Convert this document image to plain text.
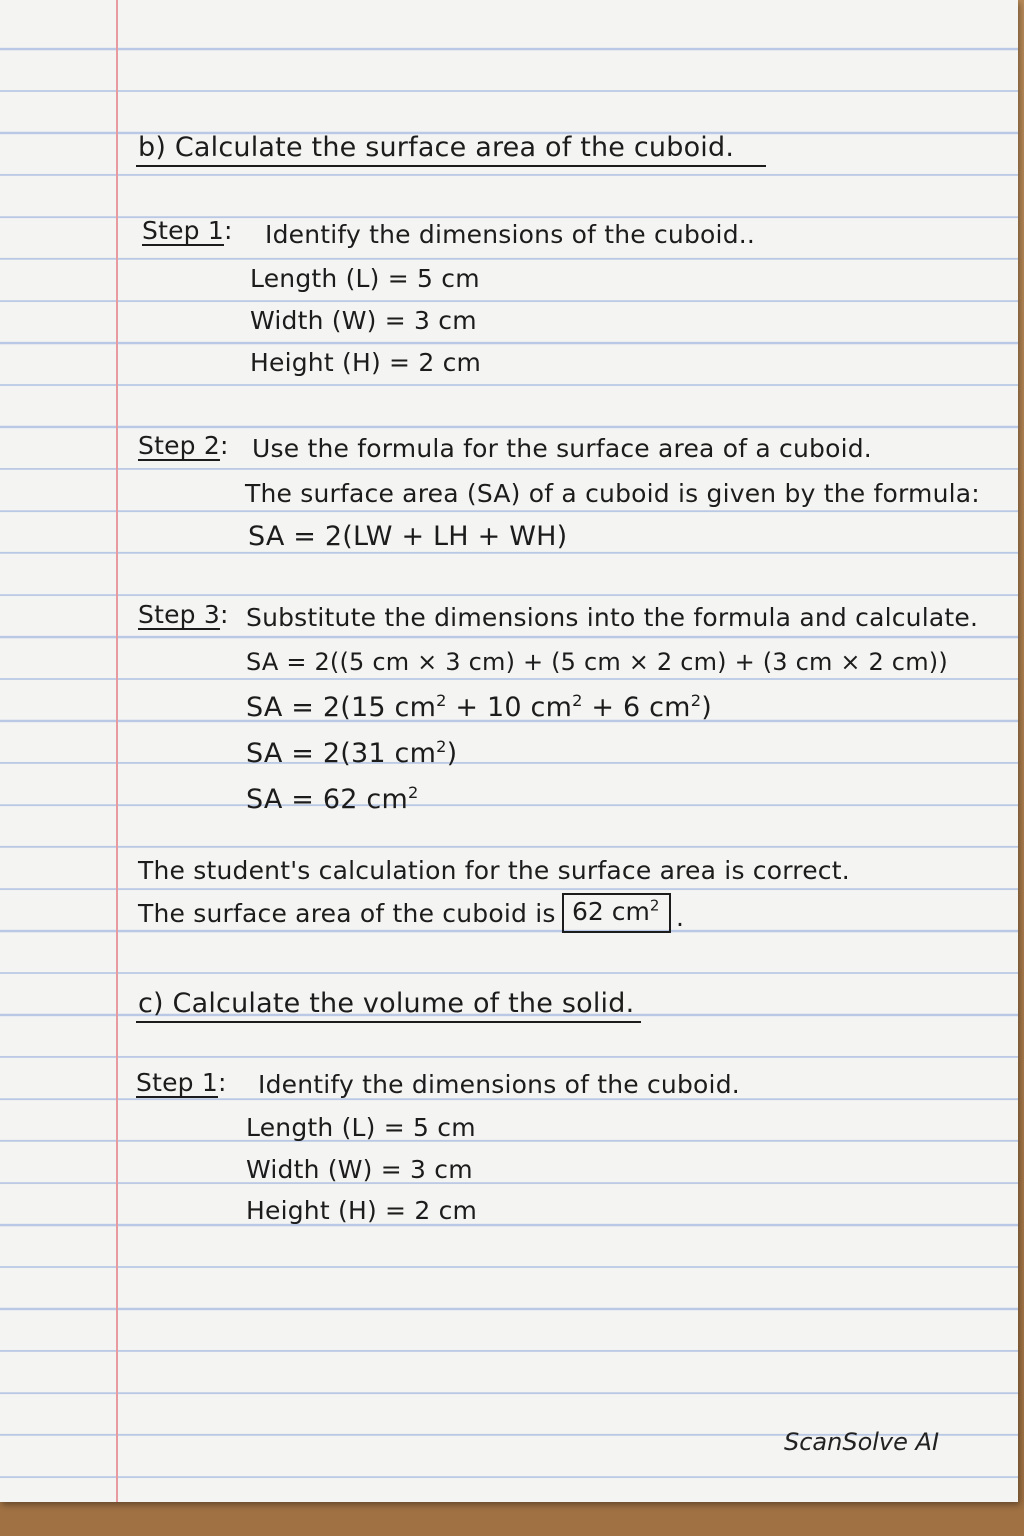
b) Calculate the surface area of the cuboid.
Step 1: Identify the dimensions of the cuboid..
Length (L) = 5 cm
Width (W) = 3 cm
Height (H) = 2 cm
Step 2: Use the formula for the surface area of a cuboid.
The surface area (SA) of a cuboid is given by the formula:
SA = 2(LW + LH + WH)
Step 3: Substitute the dimensions into the formula and calculate.
SA = 2((5 cm × 3 cm) + (5 cm × 2 cm) + (3 cm × 2 cm))
SA = 2(15 $cm^2 + 10$ $cm^2 + 6$ $cm^2$)
SA = 2(31 $cm^2$)
SA = 62 $cm^2$
The student's calculation for the surface area is correct.
The surface area of the cuboid is 62 $cm^2$ .
c) Calculate the volume of the solid.
Step 1: Identify the dimensions of the cuboid.
Length (L) = 5 cm
Width (W) = 3 cm
Height (H) = 2 cm
ScanSolve AI
